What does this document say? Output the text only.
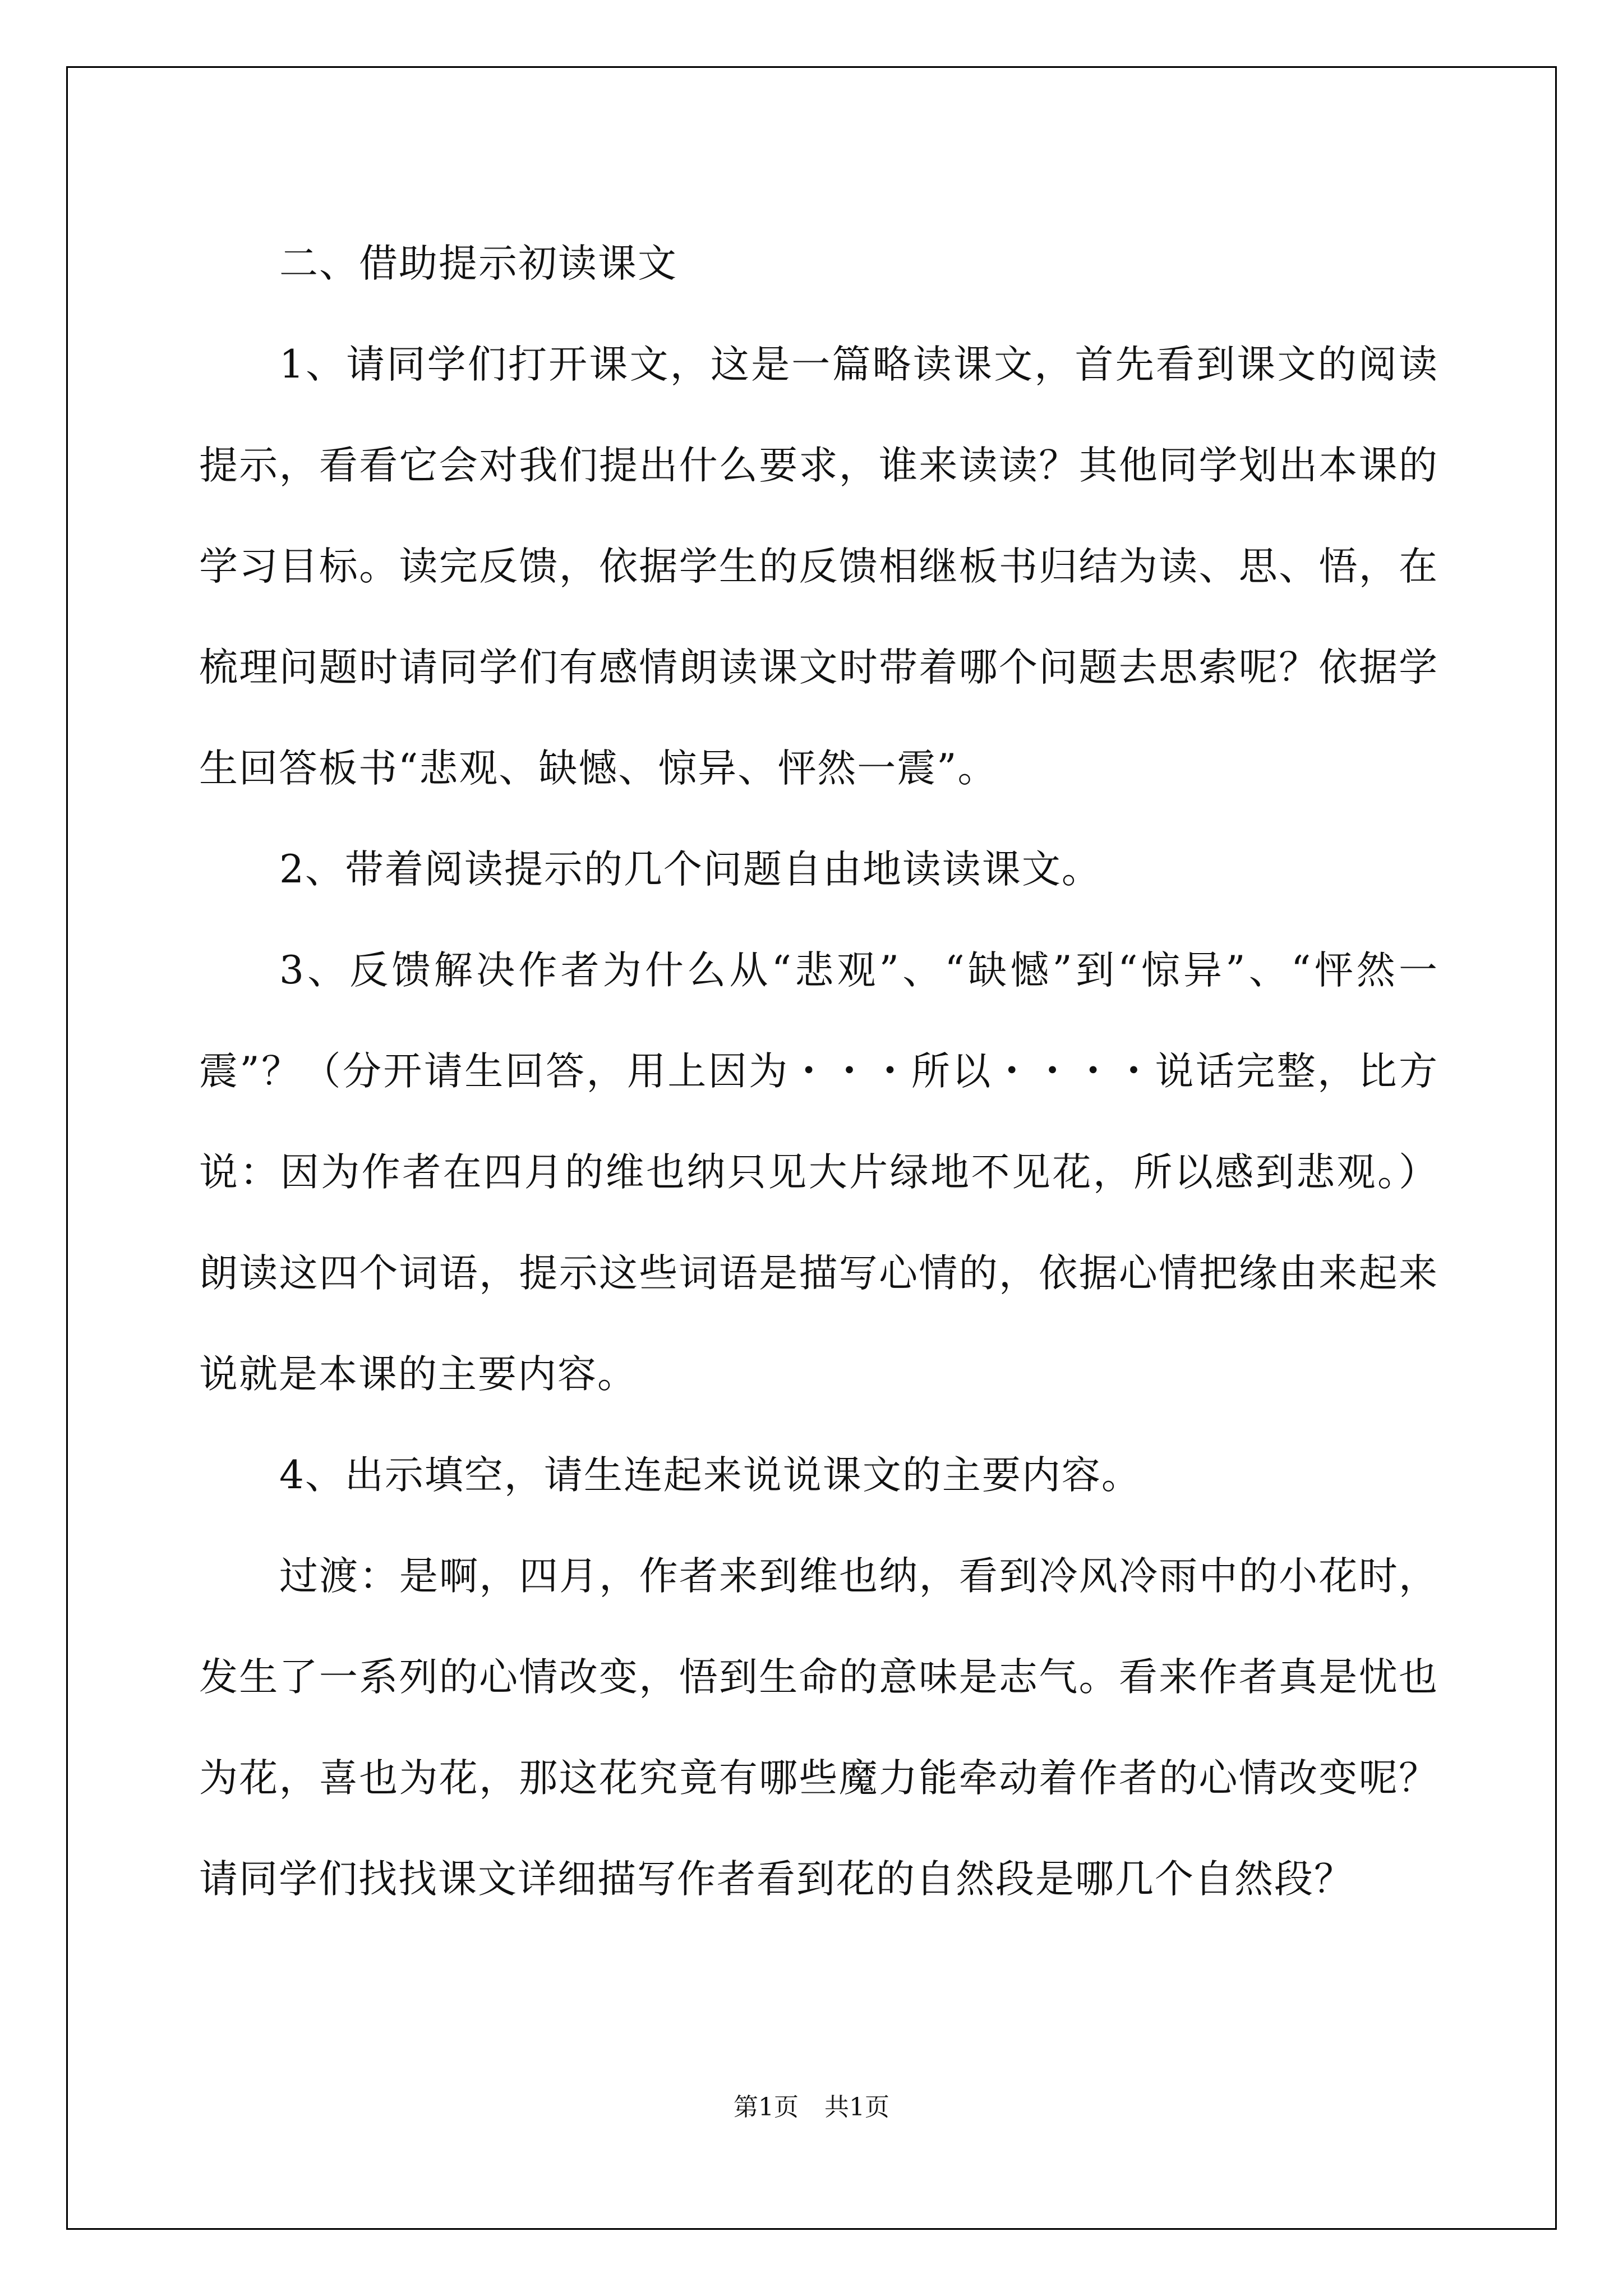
二、借助提示初读课文

1、请同学们打开课文，这是一篇略读课文，首先看到课文的阅读提示，看看它会对我们提出什么要求，谁来读读？其他同学划出本课的学习目标。读完反馈，依据学生的反馈相继板书归结为读、思、悟，在梳理问题时请同学们有感情朗读课文时带着哪个问题去思索呢？依据学生回答板书“悲观、缺憾、惊异、怦然一震”。

2、带着阅读提示的几个问题自由地读读课文。

3、反馈解决作者为什么从“悲观”、“缺憾”到“惊异”、“怦然一震”？（分开请生回答，用上因为・・・所以・・・・说话完整，比方说：因为作者在四月的维也纳只见大片绿地不见花，所以感到悲观。）朗读这四个词语，提示这些词语是描写心情的，依据心情把缘由来起来说就是本课的主要内容。

4、出示填空，请生连起来说说课文的主要内容。

过渡：是啊，四月，作者来到维也纳，看到冷风冷雨中的小花时，发生了一系列的心情改变，悟到生命的意味是志气。看来作者真是忧也为花，喜也为花，那这花究竟有哪些魔力能牵动着作者的心情改变呢？请同学们找找课文详细描写作者看到花的自然段是哪几个自然段？

第1页 共1页
